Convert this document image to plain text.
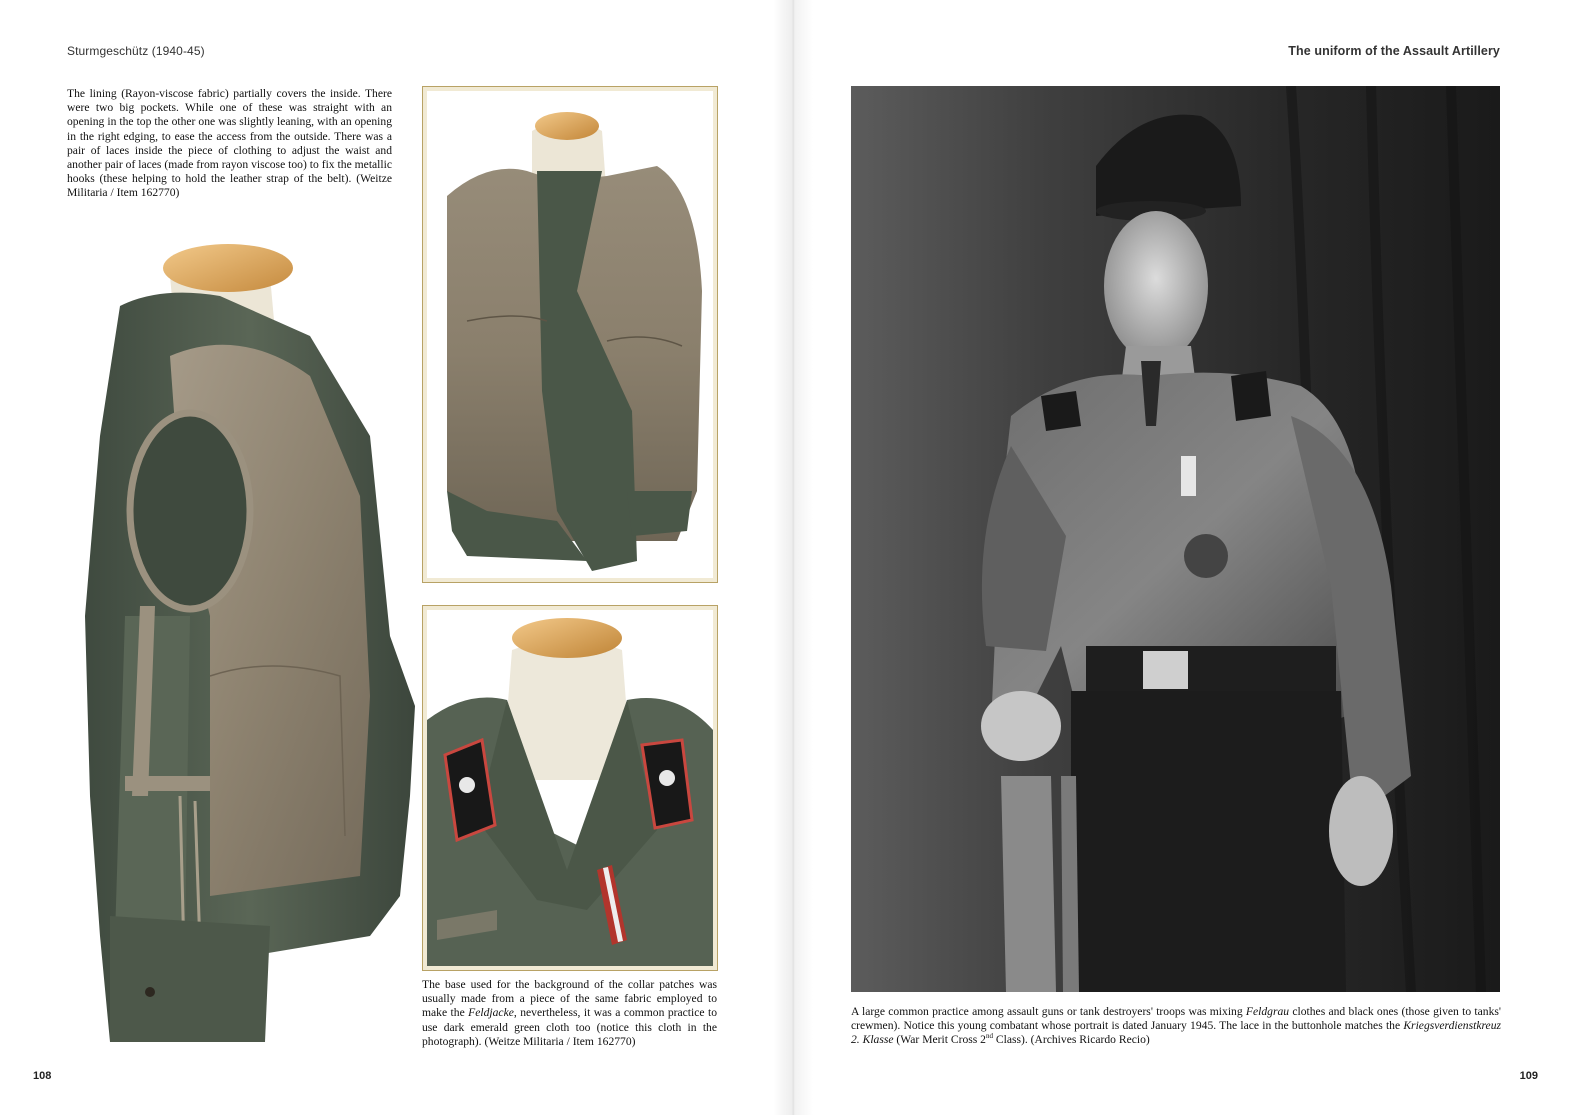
Sturmgeschütz (1940-45)

The lining (Rayon-viscose fabric) partially covers the inside. There were two big pockets. While one of these was straight with an opening in the top the other one was slightly leaning, with an opening in the right edging, to ease the access from the outside. There was a pair of laces inside the piece of clothing to adjust the waist and another pair of laces (made from rayon viscose too) to fix the metallic hooks (these helping to hold the leather strap of the belt). (Weitze Militaria / Item 162770)

The base used for the background of the collar patches was usually made from a piece of the same fabric employed to make the Feldjacke, nevertheless, it was a common practice to use dark emerald green cloth too (notice this cloth in the photograph). (Weitze Militaria / Item 162770)

108
The uniform of the Assault Artillery

A large common practice among assault guns or tank destroyers' troops was mixing Feldgrau clothes and black ones (those given to tanks' crewmen). Notice this young combatant whose portrait is dated January 1945. The lace in the buttonhole matches the Kriegsverdienstkreuz 2. Klasse (War Merit Cross 2nd Class). (Archives Ricardo Recio)

109
